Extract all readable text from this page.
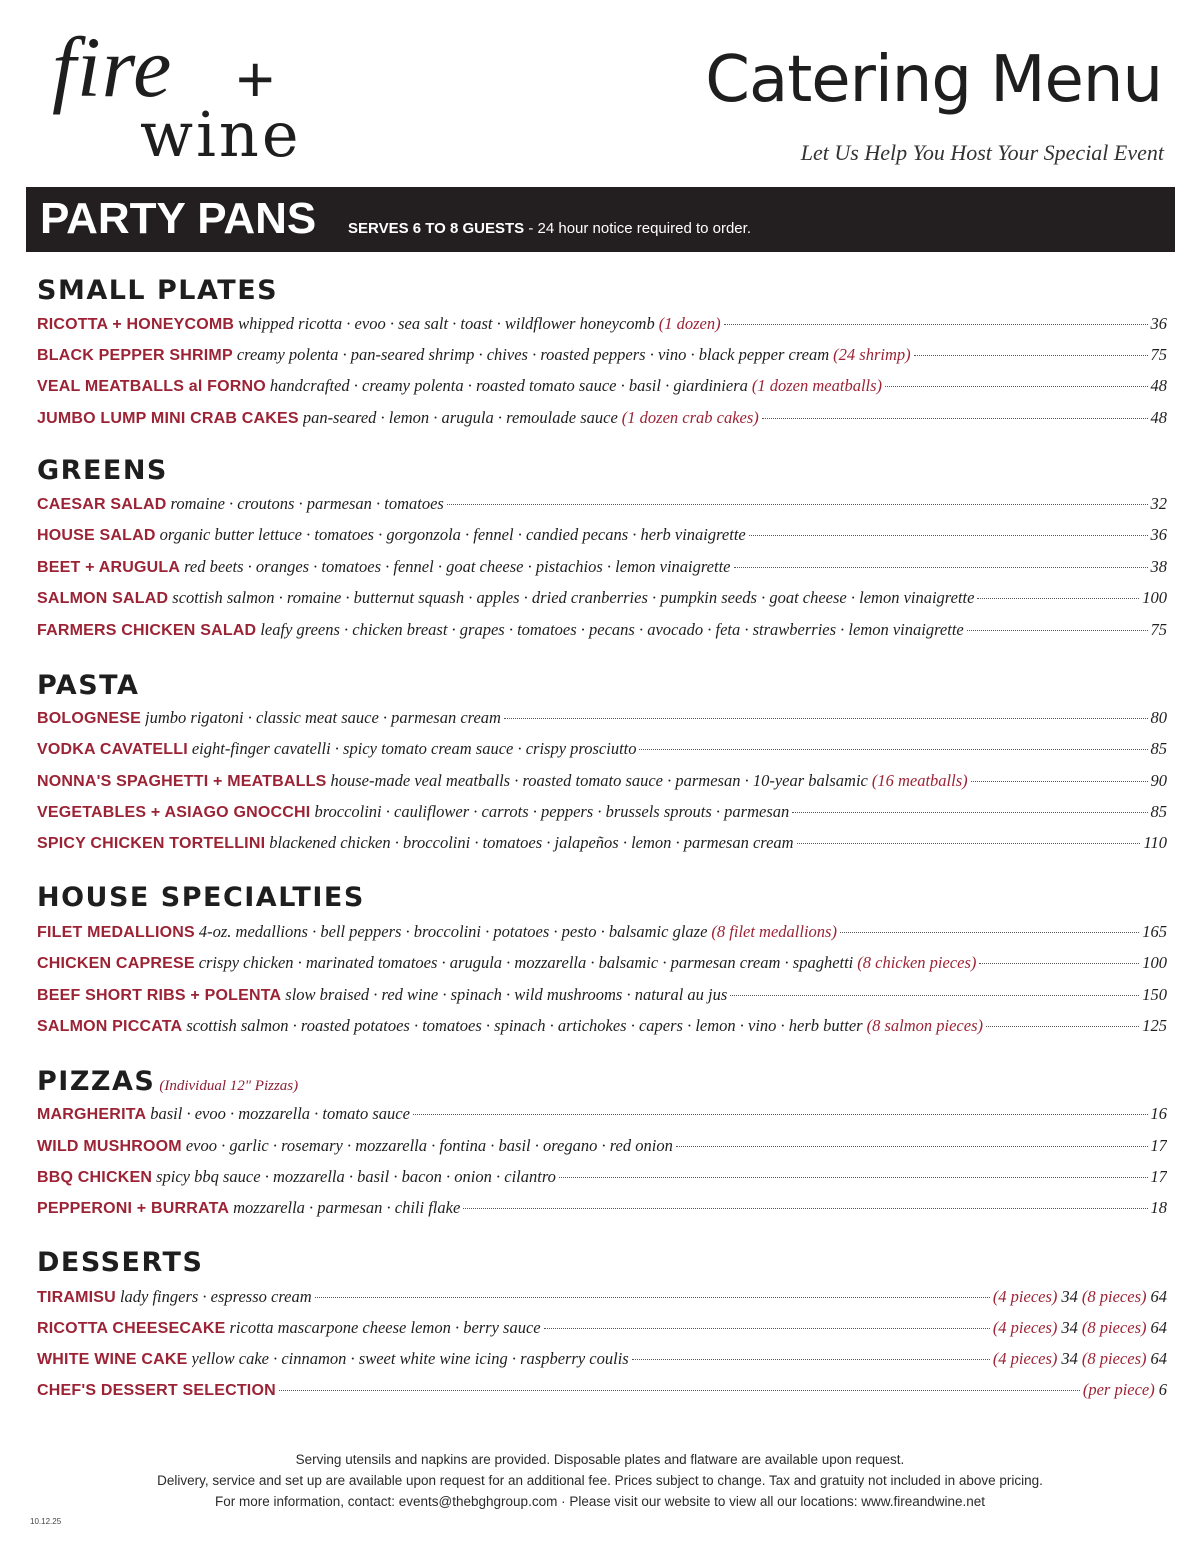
fire +
wine
Catering Menu
Let Us Help You Host Your Special Event
PARTY PANS SERVES 6 TO 8 GUESTS - 24 hour notice required to order.
SMALL PLATES
RICOTTA + HONEYCOMB whipped ricotta · evoo · sea salt · toast · wildflower honeycomb (1 dozen)	36
BLACK PEPPER SHRIMP creamy polenta · pan-seared shrimp · chives · roasted peppers · vino · black pepper cream (24 shrimp)	75
VEAL MEATBALLS al FORNO handcrafted · creamy polenta · roasted tomato sauce · basil · giardiniera (1 dozen meatballs)	48
JUMBO LUMP MINI CRAB CAKES pan-seared · lemon · arugula · remoulade sauce (1 dozen crab cakes)	48
GREENS
CAESAR SALAD romaine · croutons · parmesan · tomatoes	32
HOUSE SALAD organic butter lettuce · tomatoes · gorgonzola · fennel · candied pecans · herb vinaigrette	36
BEET + ARUGULA red beets · oranges · tomatoes · fennel · goat cheese · pistachios · lemon vinaigrette	38
SALMON SALAD scottish salmon · romaine · butternut squash · apples · dried cranberries · pumpkin seeds · goat cheese · lemon vinaigrette	100
FARMERS CHICKEN SALAD leafy greens · chicken breast · grapes · tomatoes · pecans · avocado · feta · strawberries · lemon vinaigrette	75
PASTA
BOLOGNESE jumbo rigatoni · classic meat sauce · parmesan cream	80
VODKA CAVATELLI eight-finger cavatelli · spicy tomato cream sauce · crispy prosciutto	85
NONNA'S SPAGHETTI + MEATBALLS house-made veal meatballs · roasted tomato sauce · parmesan · 10-year balsamic (16 meatballs)	90
VEGETABLES + ASIAGO GNOCCHI broccolini · cauliflower · carrots · peppers · brussels sprouts · parmesan	85
SPICY CHICKEN TORTELLINI blackened chicken · broccolini · tomatoes · jalapeños · lemon · parmesan cream	110
HOUSE SPECIALTIES
FILET MEDALLIONS 4-oz. medallions · bell peppers · broccolini · potatoes · pesto · balsamic glaze (8 filet medallions)	165
CHICKEN CAPRESE crispy chicken · marinated tomatoes · arugula · mozzarella · balsamic · parmesan cream · spaghetti (8 chicken pieces)	100
BEEF SHORT RIBS + POLENTA slow braised · red wine · spinach · wild mushrooms · natural au jus	150
SALMON PICCATA scottish salmon · roasted potatoes · tomatoes · spinach · artichokes · capers · lemon · vino · herb butter (8 salmon pieces)	125
PIZZAS (Individual 12" Pizzas)
MARGHERITA basil · evoo · mozzarella · tomato sauce	16
WILD MUSHROOM evoo · garlic · rosemary · mozzarella · fontina · basil · oregano · red onion	17
BBQ CHICKEN spicy bbq sauce · mozzarella · basil · bacon · onion · cilantro	17
PEPPERONI + BURRATA mozzarella · parmesan · chili flake	18
DESSERTS
TIRAMISU lady fingers · espresso cream	(4 pieces) 34 (8 pieces) 64
RICOTTA CHEESECAKE ricotta mascarpone cheese lemon · berry sauce	(4 pieces) 34 (8 pieces) 64
WHITE WINE CAKE yellow cake · cinnamon · sweet white wine icing · raspberry coulis	(4 pieces) 34 (8 pieces) 64
CHEF'S DESSERT SELECTION	(per piece) 6
Serving utensils and napkins are provided. Disposable plates and flatware are available upon request.
Delivery, service and set up are available upon request for an additional fee. Prices subject to change. Tax and gratuity not included in above pricing.
For more information, contact: events@thebghgroup.com · Please visit our website to view all our locations: www.fireandwine.net
10.12.25
